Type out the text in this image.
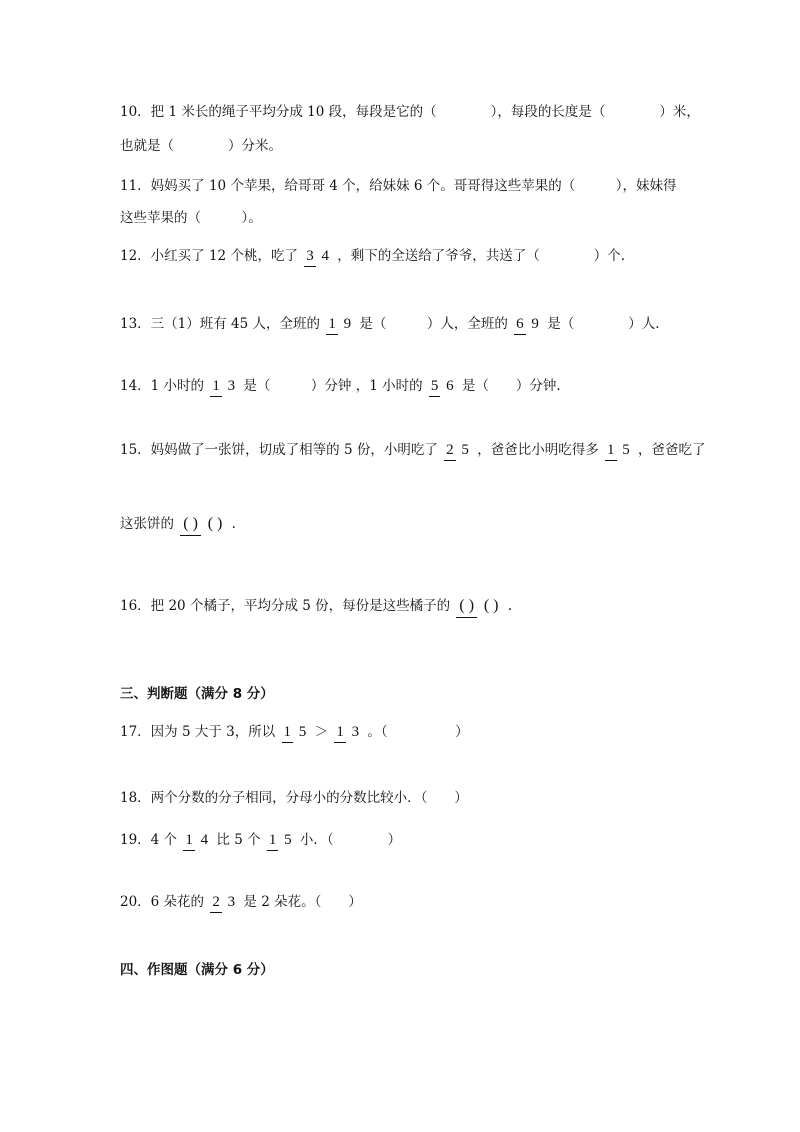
10．把 1 米长的绳子平均分成 10 段，每段是它的（　　　　），每段的长度是（　　　　）米，
也就是（　　　　）分米。
11．妈妈买了 10 个苹果，给哥哥 4 个，给妹妹 6 个。哥哥得这些苹果的（　　　），妹妹得
这些苹果的（　　　）。
12．小红买了 12 个桃，吃了 3 4 ，剩下的全送给了爷爷，共送了（　　　　）个.
13．三（1）班有 45 人，全班的 1 9 是（　　　）人，全班的 6 9 是（　　　　）人.
14．1 小时的 1 3 是（　　　）分钟 ，1 小时的 5 6 是（　　）分钟.
15．妈妈做了一张饼，切成了相等的 5 份，小明吃了 2 5 ，爸爸比小明吃得多 1 5 ，爸爸吃了
这张饼的 ( ) ( ) .
16．把 20 个橘子，平均分成 5 份，每份是这些橘子的 ( ) ( ) .
三、判断题（满分 8 分）
17．因为 5 大于 3，所以 1 5 ＞ 1 3 。（　　　　　）
18．两个分数的分子相同，分母小的分数比较小．（　　）
19．4 个 1 4 比 5 个 1 5 小．（　　　　）
20．6 朵花的 2 3 是 2 朵花。（　　）
四、作图题（满分 6 分）
